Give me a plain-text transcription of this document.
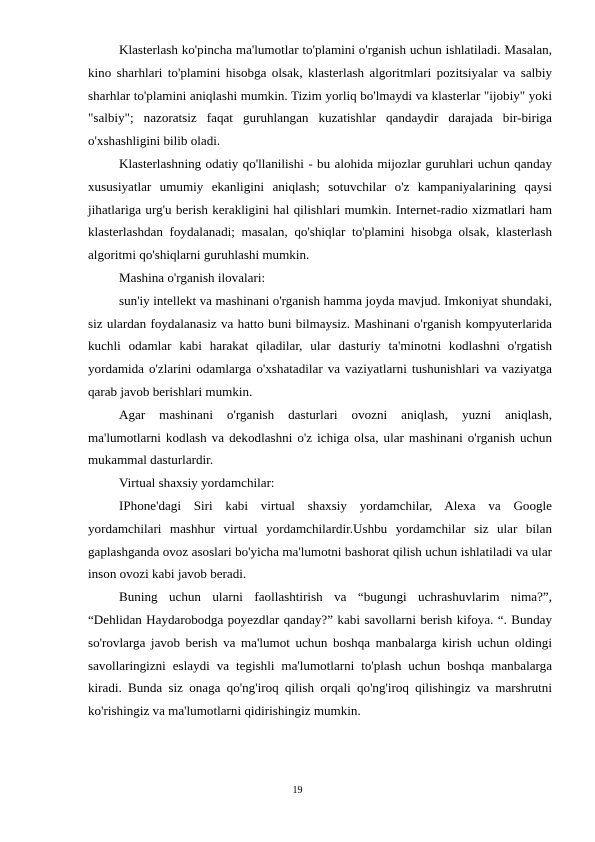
Klasterlash ko'pincha ma'lumotlar to'plamini o'rganish uchun ishlatiladi. Masalan, kino sharhlari to'plamini hisobga olsak, klasterlash algoritmlari pozitsiyalar va salbiy sharhlar to'plamini aniqlashi mumkin. Tizim yorliq bo'lmaydi va klasterlar "ijobiy" yoki "salbiy"; nazoratsiz faqat guruhlangan kuzatishlar qandaydir darajada bir-biriga o'xshashligini bilib oladi.

Klasterlashning odatiy qo'llanilishi - bu alohida mijozlar guruhlari uchun qanday xususiyatlar umumiy ekanligini aniqlash; sotuvchilar o'z kampaniyalarining qaysi jihatlariga urg'u berish kerakligini hal qilishlari mumkin. Internet-radio xizmatlari ham klasterlashdan foydalanadi; masalan, qo'shiqlar to'plamini hisobga olsak, klasterlash algoritmi qo'shiqlarni guruhlashi mumkin.

Mashina o'rganish ilovalari:

sun'iy intellekt va mashinani o'rganish hamma joyda mavjud. Imkoniyat shundaki, siz ulardan foydalanasiz va hatto buni bilmaysiz. Mashinani o'rganish kompyuterlarida kuchli odamlar kabi harakat qiladilar, ular dasturiy ta'minotni kodlashni o'rgatish yordamida o'zlarini odamlarga o'xshatadilar va vaziyatlarni tushunishlari va vaziyatga qarab javob berishlari mumkin.

Agar mashinani o'rganish dasturlari ovozni aniqlash, yuzni aniqlash, ma'lumotlarni kodlash va dekodlashni o'z ichiga olsa, ular mashinani o'rganish uchun mukammal dasturlardir.

Virtual shaxsiy yordamchilar:

IPhone'dagi Siri kabi virtual shaxsiy yordamchilar, Alexa va Google yordamchilari mashhur virtual yordamchilardir.Ushbu yordamchilar siz ular bilan gaplashganda ovoz asoslari bo'yicha ma'lumotni bashorat qilish uchun ishlatiladi va ular inson ovozi kabi javob beradi.

Buning uchun ularni faollashtirish va “bugungi uchrashuvlarim nima?”, “Dehlidan Haydarobodga poyezdlar qanday?” kabi savollarni berish kifoya. “. Bunday so'rovlarga javob berish va ma'lumot uchun boshqa manbalarga kirish uchun oldingi savollaringizni eslaydi va tegishli ma'lumotlarni to'plash uchun boshqa manbalarga kiradi. Bunda siz onaga qo'ng'iroq qilish orqali qo'ng'iroq qilishingiz va marshrutni ko'rishingiz va ma'lumotlarni qidirishingiz mumkin.

19
